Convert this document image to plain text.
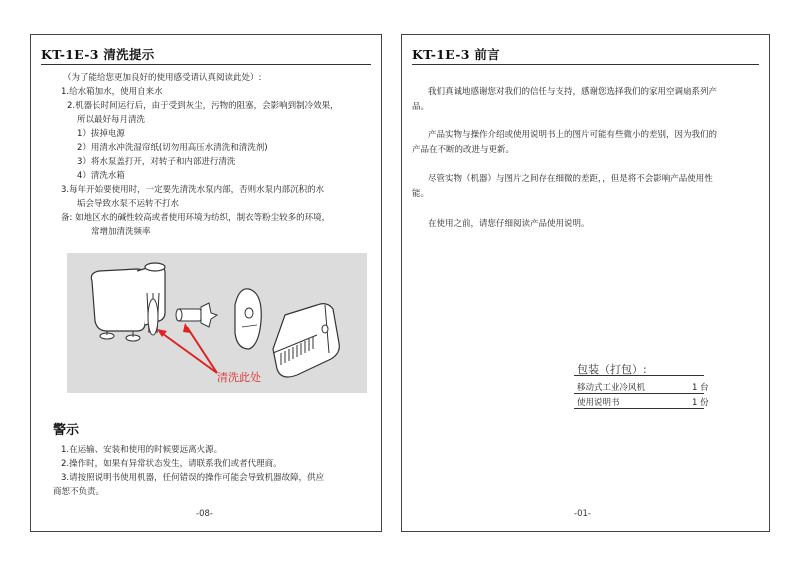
KT-1E-3 清洗提示
（为了能给您更加良好的使用感受请认真阅读此处）:
1.给水箱加水，使用自来水
2.机器长时间运行后，由于受到灰尘，污物的阻塞，会影响到制冷效果，
所以最好每月清洗
1）拔掉电源
2）用清水冲洗湿帘纸(切勿用高压水清洗和清洗剂)
3）将水泵盖打开，对转子和内部进行清洗
4）清洗水箱
3.每年开始要使用时，一定要先清洗水泵内部，否则水泵内部沉积的水
垢会导致水泵不运转不打水
备: 如地区水的碱性较高或者使用环境为纺织，制衣等粉尘较多的环境，
常增加清洗频率
清洗此处
警示
1.在运输、安装和使用的时候要远离火源。
2.操作时，如果有异常状态发生，请联系我们或者代理商。
3.请按照说明书使用机器，任何错误的操作可能会导致机器故障，供应
商恕不负责。
-08-
KT-1E-3 前言
我们真诚地感谢您对我们的信任与支持，感谢您选择我们的家用空调扇系列产
品。
产品实物与操作介绍或使用说明书上的图片可能有些微小的差别，因为我们的
产品在不断的改进与更新。
尽管实物（机器）与图片之间存在细微的差距，，但是将不会影响产品使用性
能。
在使用之前，请您仔细阅读产品使用说明。
包装（打包）:
移动式工业冷风机	1 台
使用说明书	1 份
-01-
